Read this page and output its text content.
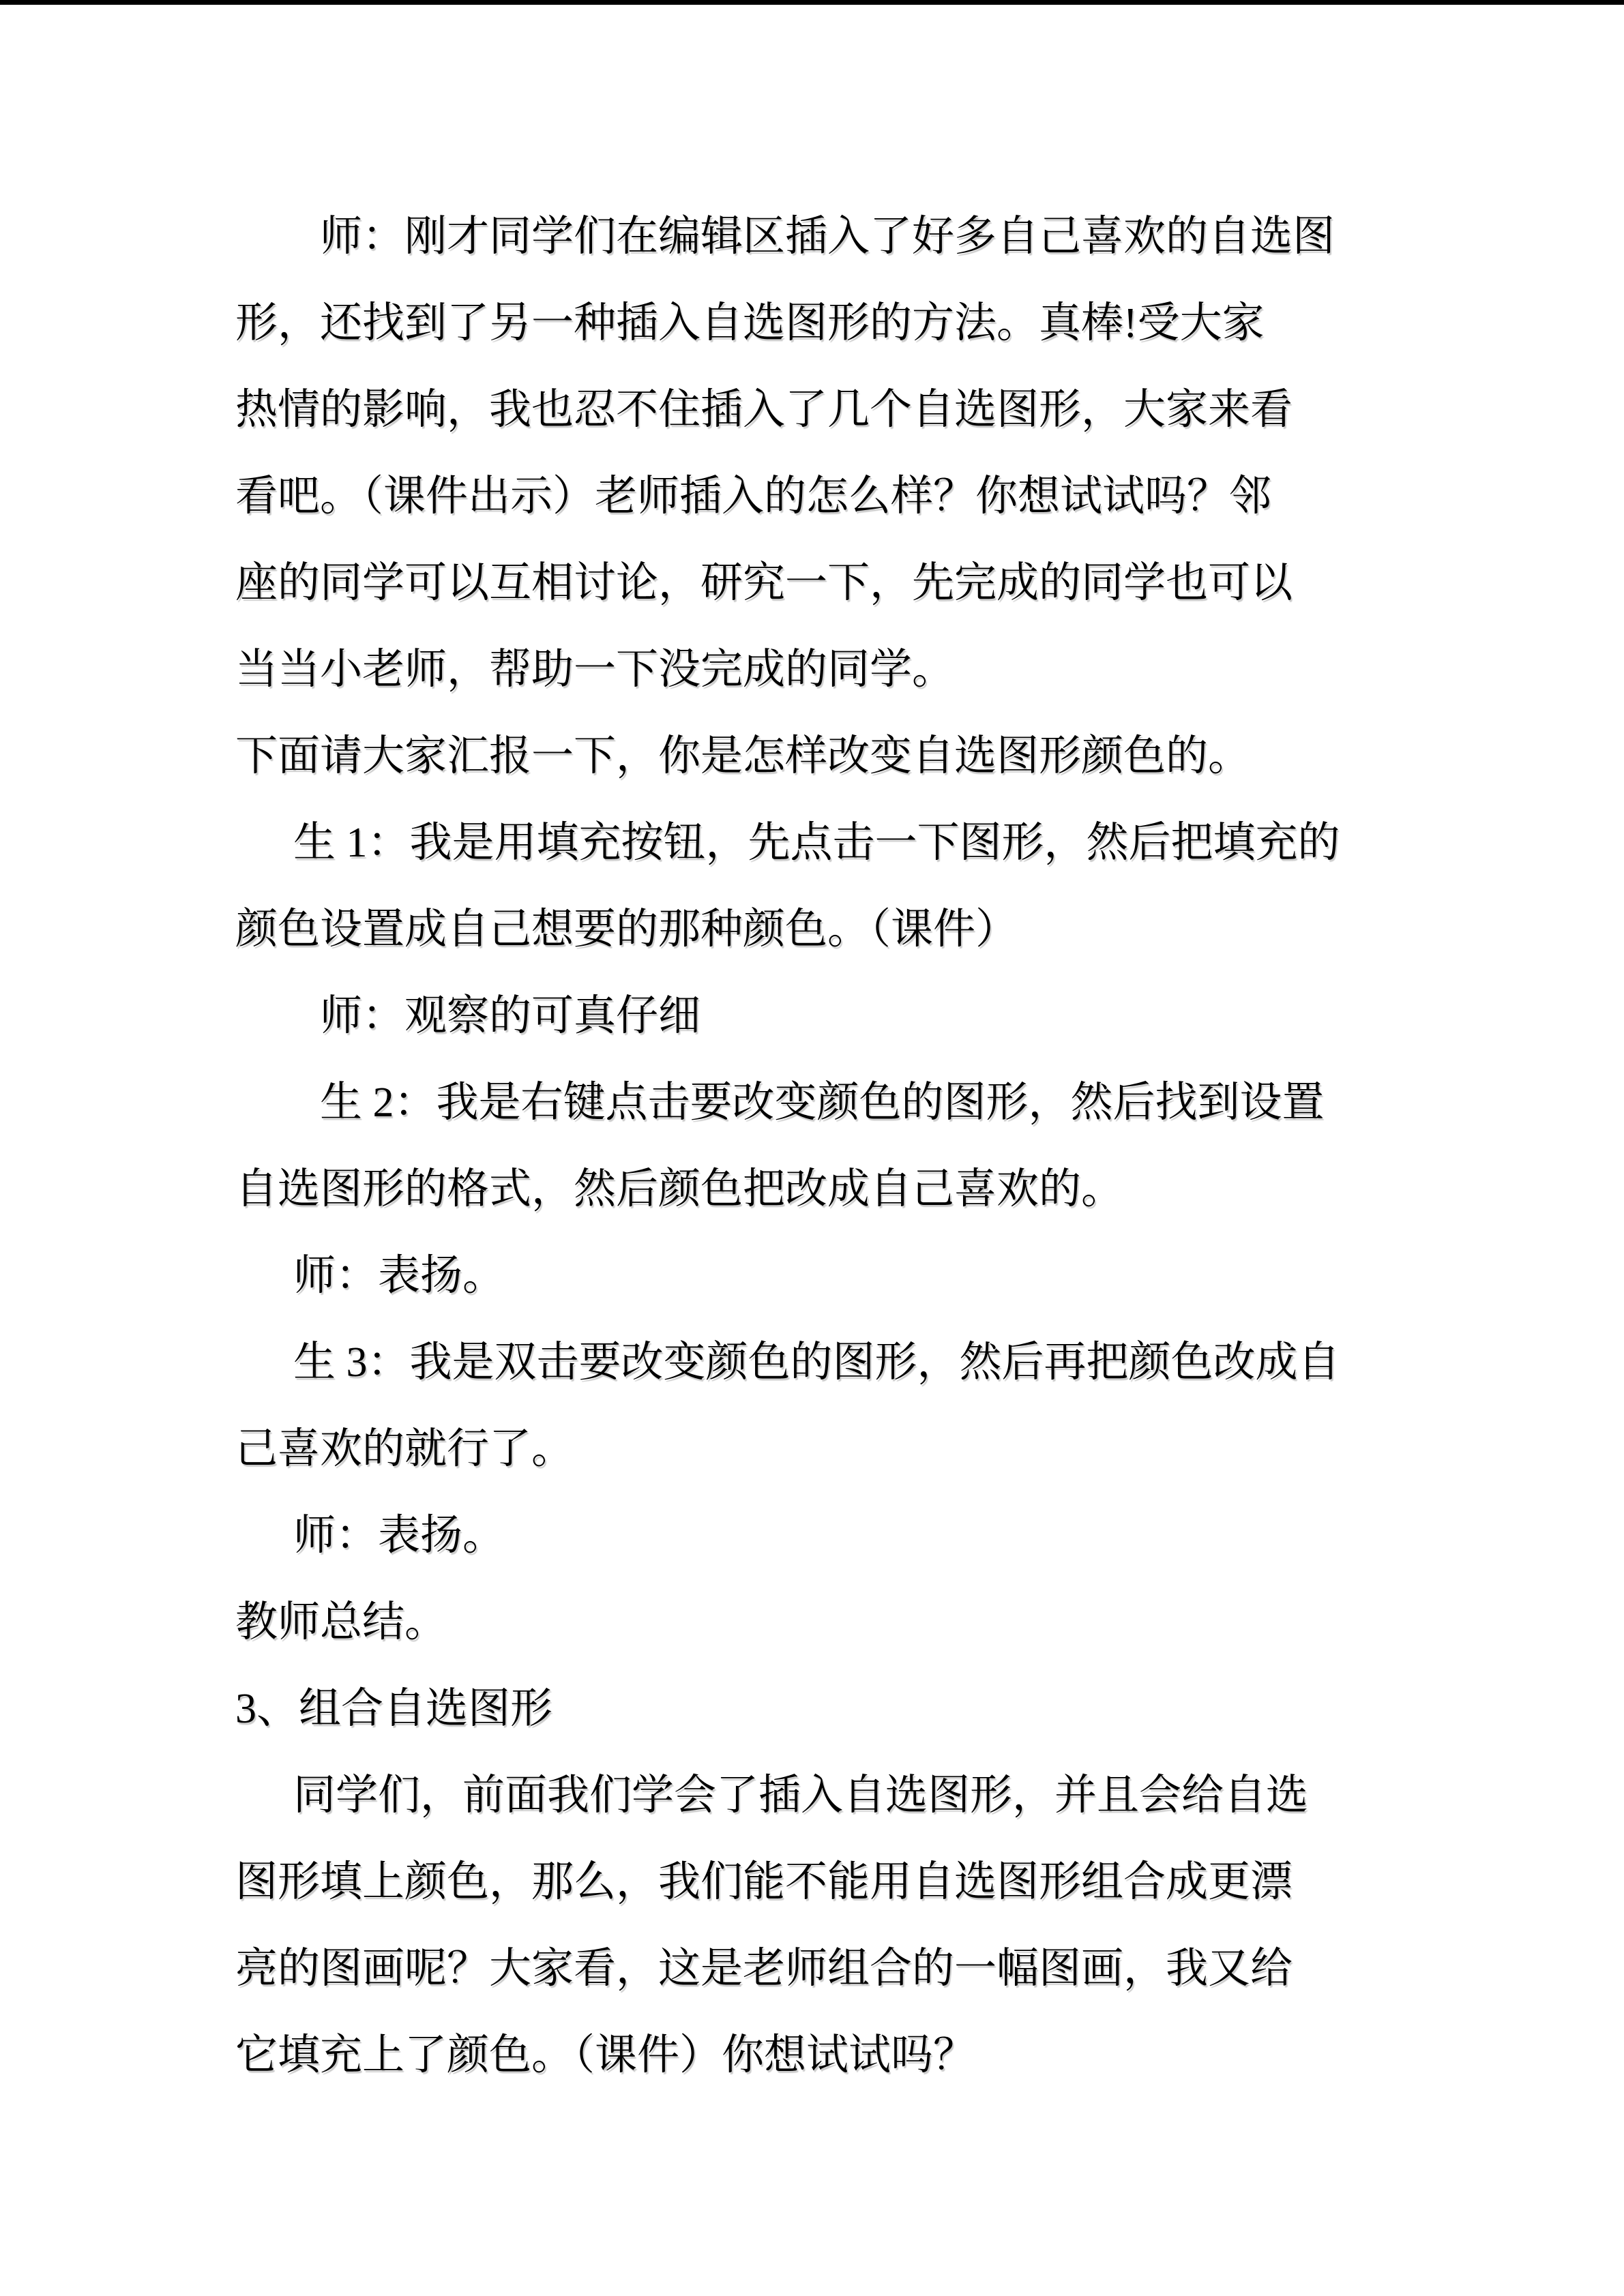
师：刚才同学们在编辑区插入了好多自己喜欢的自选图
形，还找到了另一种插入自选图形的方法。真棒!受大家
热情的影响，我也忍不住插入了几个自选图形，大家来看
看吧。（课件出示）老师插入的怎么样？你想试试吗？邻
座的同学可以互相讨论，研究一下，先完成的同学也可以
当当小老师，帮助一下没完成的同学。
下面请大家汇报一下，你是怎样改变自选图形颜色的。
生 1：我是用填充按钮，先点击一下图形，然后把填充的
颜色设置成自己想要的那种颜色。（课件）
师：观察的可真仔细
生 2：我是右键点击要改变颜色的图形，然后找到设置
自选图形的格式，然后颜色把改成自己喜欢的。
师：表扬。
生 3：我是双击要改变颜色的图形，然后再把颜色改成自
己喜欢的就行了。
师：表扬。
教师总结。
3、组合自选图形
同学们，前面我们学会了插入自选图形，并且会给自选
图形填上颜色，那么，我们能不能用自选图形组合成更漂
亮的图画呢？大家看，这是老师组合的一幅图画，我又给
它填充上了颜色。（课件）你想试试吗？
